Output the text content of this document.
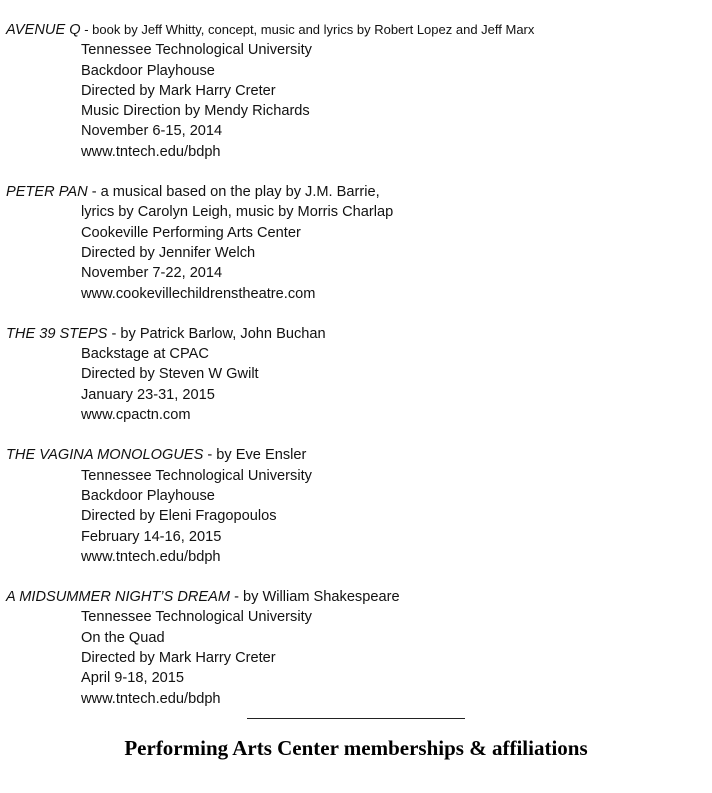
AVENUE Q - book by Jeff Whitty, concept, music and lyrics by Robert Lopez and Jeff Marx
Tennessee Technological University
Backdoor Playhouse
Directed by Mark Harry Creter
Music Direction by Mendy Richards
November 6-15, 2014
www.tntech.edu/bdph
PETER PAN - a musical based on the play by J.M. Barrie,
lyrics by Carolyn Leigh, music by Morris Charlap
Cookeville Performing Arts Center
Directed by Jennifer Welch
November 7-22, 2014
www.cookevillechildrenstheatre.com
THE 39 STEPS - by Patrick Barlow, John Buchan
Backstage at CPAC
Directed by Steven W Gwilt
January 23-31, 2015
www.cpactn.com
THE VAGINA MONOLOGUES - by Eve Ensler
Tennessee Technological University
Backdoor Playhouse
Directed by Eleni Fragopoulos
February 14-16, 2015
www.tntech.edu/bdph
A MIDSUMMER NIGHT’S DREAM - by William Shakespeare
Tennessee Technological University
On the Quad
Directed by Mark Harry Creter
April 9-18, 2015
www.tntech.edu/bdph
Performing Arts Center memberships & affiliations
